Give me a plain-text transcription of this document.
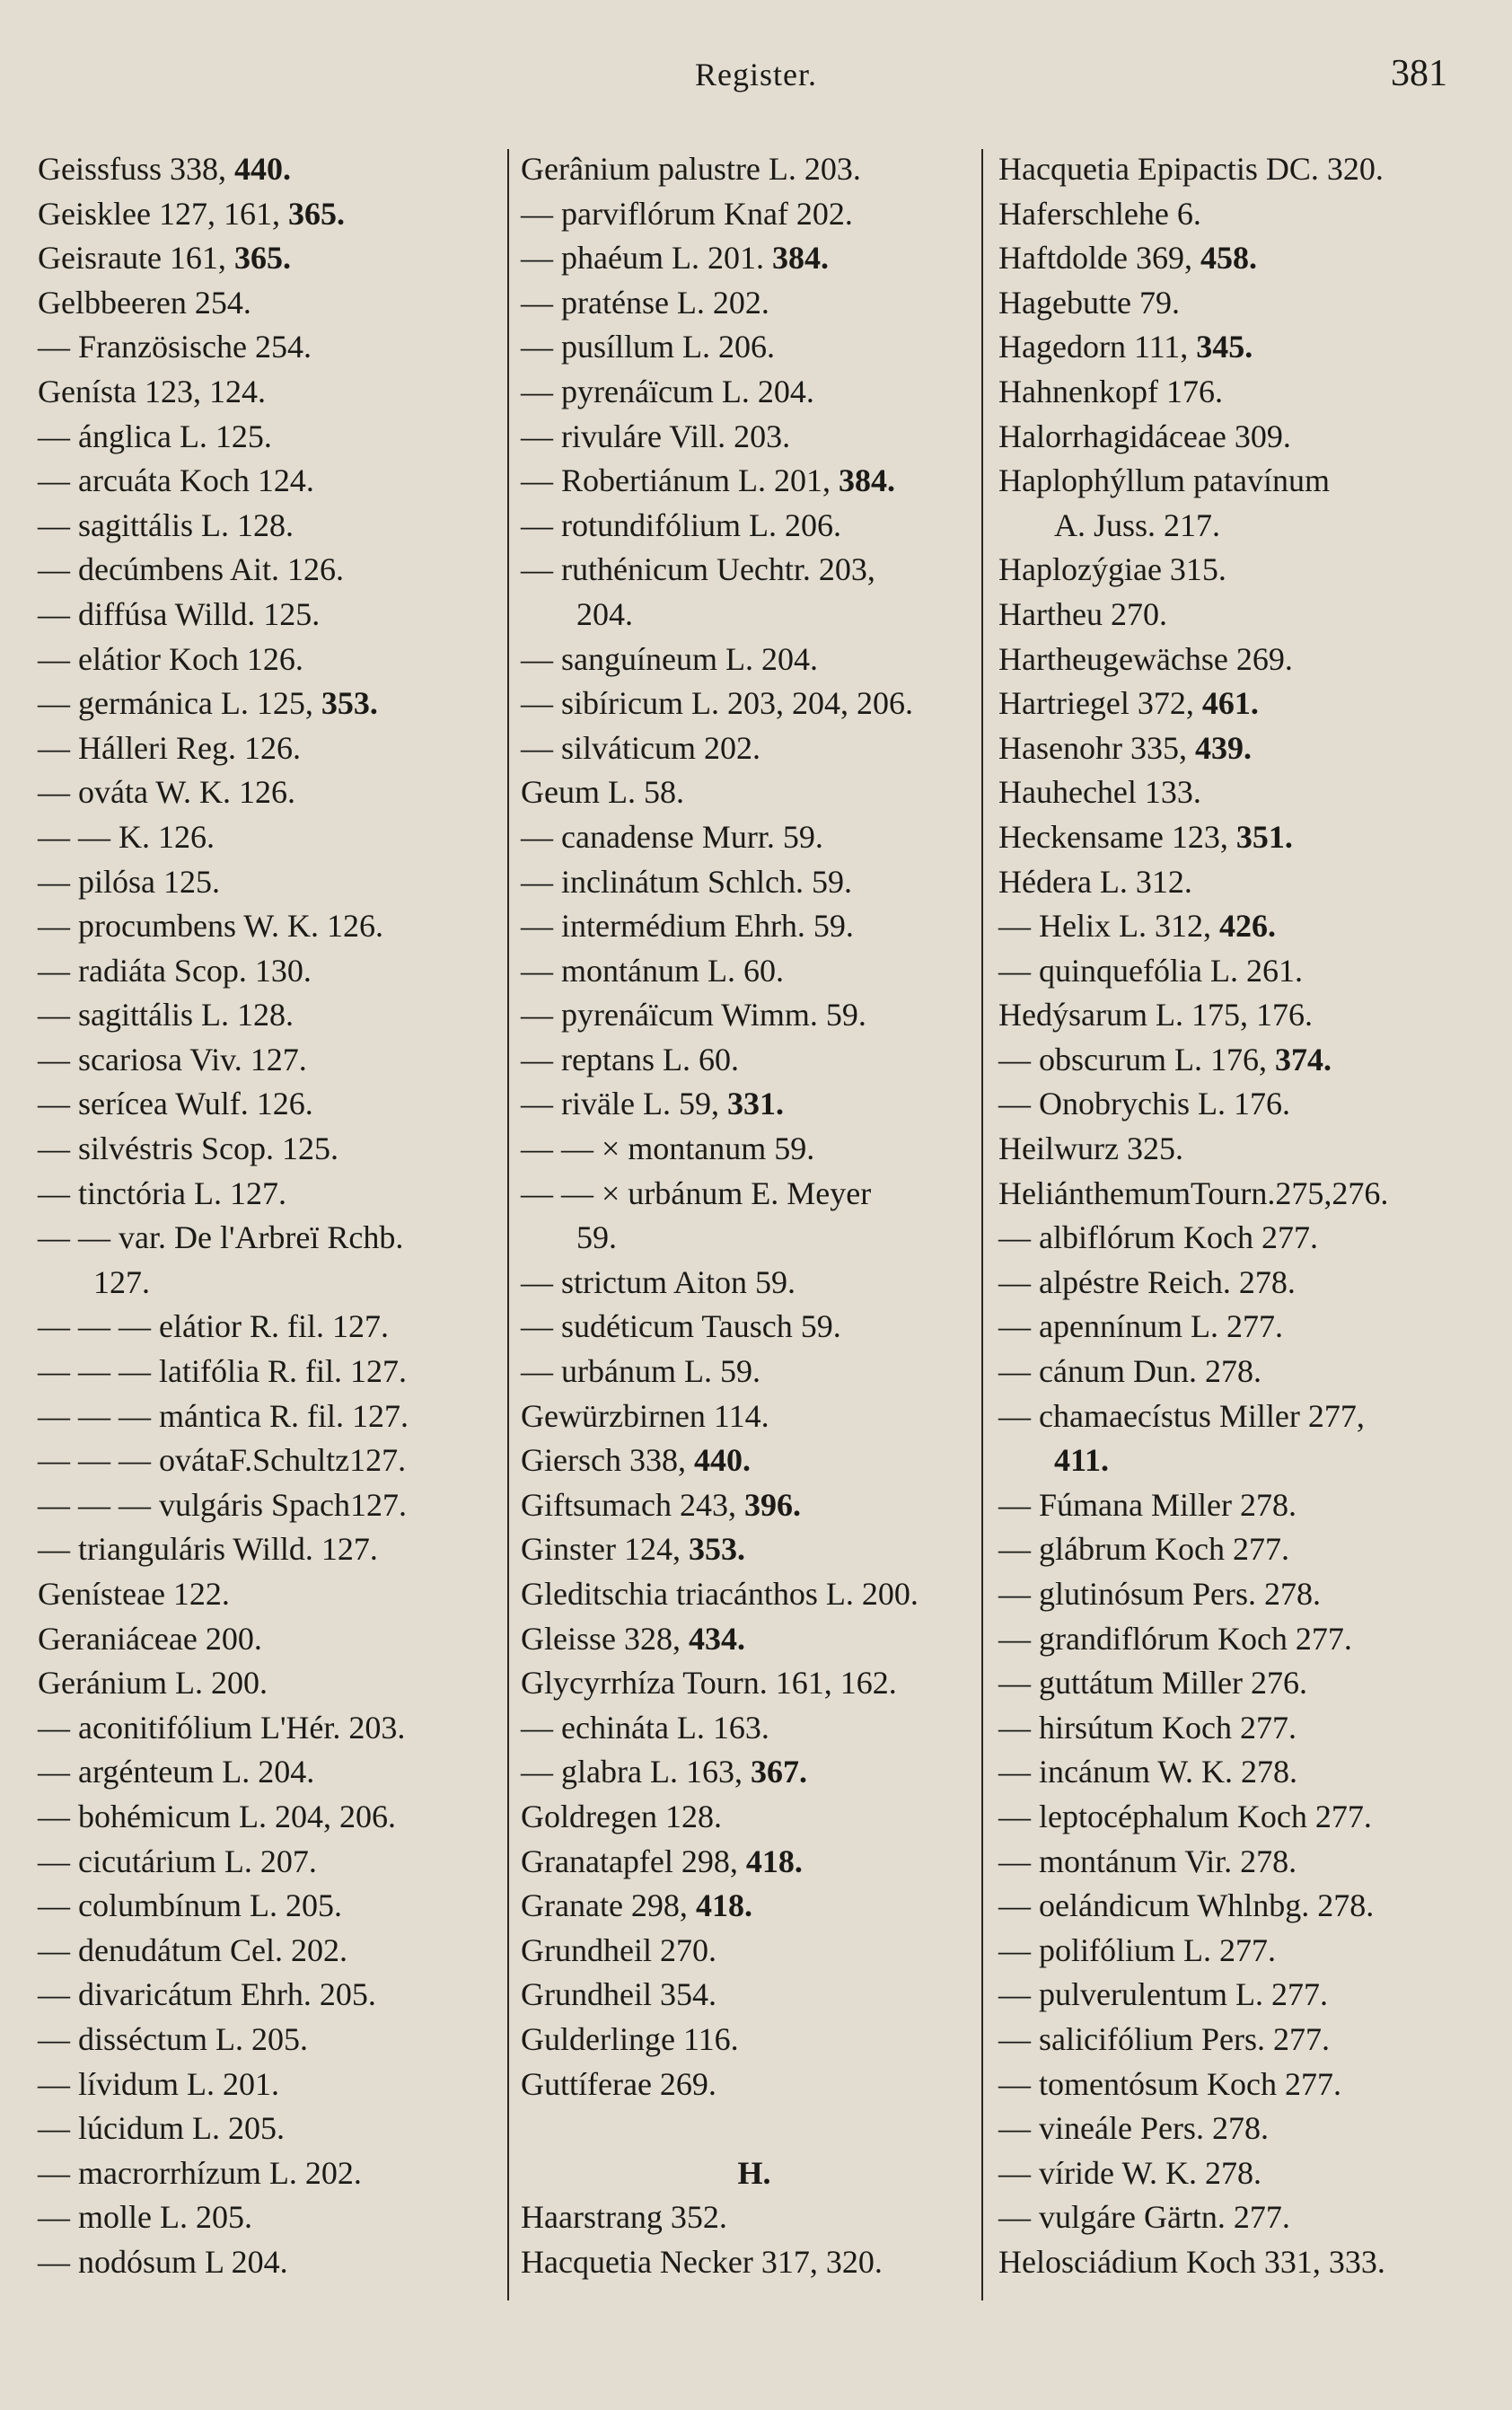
Register.	381
Geissfuss 338, 440.
Geisklee 127, 161, 365.
Geisraute 161, 365.
Gelbbeeren 254.
— Französische 254.
Genísta 123, 124.
— ánglica L. 125.
— arcuáta Koch 124.
— sagittális L. 128.
— decúmbens Ait. 126.
— diffúsa Willd. 125.
— elátior Koch 126.
— germánica L. 125, 353.
— Hálleri Reg. 126.
— ováta W. K. 126.
— — K. 126.
— pilósa 125.
— procumbens W. K. 126.
— radiáta Scop. 130.
— sagittális L. 128.
— scariosa Viv. 127.
— serícea Wulf. 126.
— silvéstris Scop. 125.
— tinctória L. 127.
— — var. De l'Arbreï Rchb.
127.
— — — elátior R. fil. 127.
— — — latifólia R. fil. 127.
— — — mántica R. fil. 127.
— — — ovátaF.Schultz127.
— — — vulgáris Spach127.
— trianguláris Willd. 127.
Genísteae 122.
Geraniáceae 200.
Geránium L. 200.
— aconitifólium L'Hér. 203.
— argénteum L. 204.
— bohémicum L. 204, 206.
— cicutárium L. 207.
— columbínum L. 205.
— denudátum Cel. 202.
— divaricátum Ehrh. 205.
— disséctum L. 205.
— lívidum L. 201.
— lúcidum L. 205.
— macrorrhízum L. 202.
— molle L. 205.
— nodósum L 204.
Gerânium palustre L. 203.
— parviflórum Knaf 202.
— phaéum L. 201. 384.
— praténse L. 202.
— pusíllum L. 206.
— pyrenáïcum L. 204.
— rivuláre Vill. 203.
— Robertiánum L. 201, 384.
— rotundifólium L. 206.
— ruthénicum Uechtr. 203,
204.
— sanguíneum L. 204.
— sibíricum L. 203, 204, 206.
— silváticum 202.
Geum L. 58.
— canadense Murr. 59.
— inclinátum Schlch. 59.
— intermédium Ehrh. 59.
— montánum L. 60.
— pyrenáïcum Wimm. 59.
— reptans L. 60.
— riväle L. 59, 331.
— — × montanum 59.
— — × urbánum E. Meyer
59.
— strictum Aiton 59.
— sudéticum Tausch 59.
— urbánum L. 59.
Gewürzbirnen 114.
Giersch 338, 440.
Giftsumach 243, 396.
Ginster 124, 353.
Gleditschia triacánthos L. 200.
Gleisse 328, 434.
Glycyrrhíza Tourn. 161, 162.
— echináta L. 163.
— glabra L. 163, 367.
Goldregen 128.
Granatapfel 298, 418.
Granate 298, 418.
Grundheil 270.
Grundheil 354.
Gulderlinge 116.
Guttíferae 269.
H.
Haarstrang 352.
Hacquetia Necker 317, 320.
Hacquetia Epipactis DC. 320.
Haferschlehe 6.
Haftdolde 369, 458.
Hagebutte 79.
Hagedorn 111, 345.
Hahnenkopf 176.
Halorrhagidáceae 309.
Haplophýllum patavínum
A. Juss. 217.
Haplozýgiae 315.
Hartheu 270.
Hartheugewächse 269.
Hartriegel 372, 461.
Hasenohr 335, 439.
Hauhechel 133.
Heckensame 123, 351.
Hédera L. 312.
— Helix L. 312, 426.
— quinquefólia L. 261.
Hedýsarum L. 175, 176.
— obscurum L. 176, 374.
— Onobrychis L. 176.
Heilwurz 325.
HeliánthemumTourn.275,276.
— albiflórum Koch 277.
— alpéstre Reich. 278.
— apennínum L. 277.
— cánum Dun. 278.
— chamaecístus Miller 277,
411.
— Fúmana Miller 278.
— glábrum Koch 277.
— glutinósum Pers. 278.
— grandiflórum Koch 277.
— guttátum Miller 276.
— hirsútum Koch 277.
— incánum W. K. 278.
— leptocéphalum Koch 277.
— montánum Vir. 278.
— oelándicum Whlnbg. 278.
— polifólium L. 277.
— pulverulentum L. 277.
— salicifólium Pers. 277.
— tomentósum Koch 277.
— vineále Pers. 278.
— víride W. K. 278.
— vulgáre Gärtn. 277.
Helosciádium Koch 331, 333.
